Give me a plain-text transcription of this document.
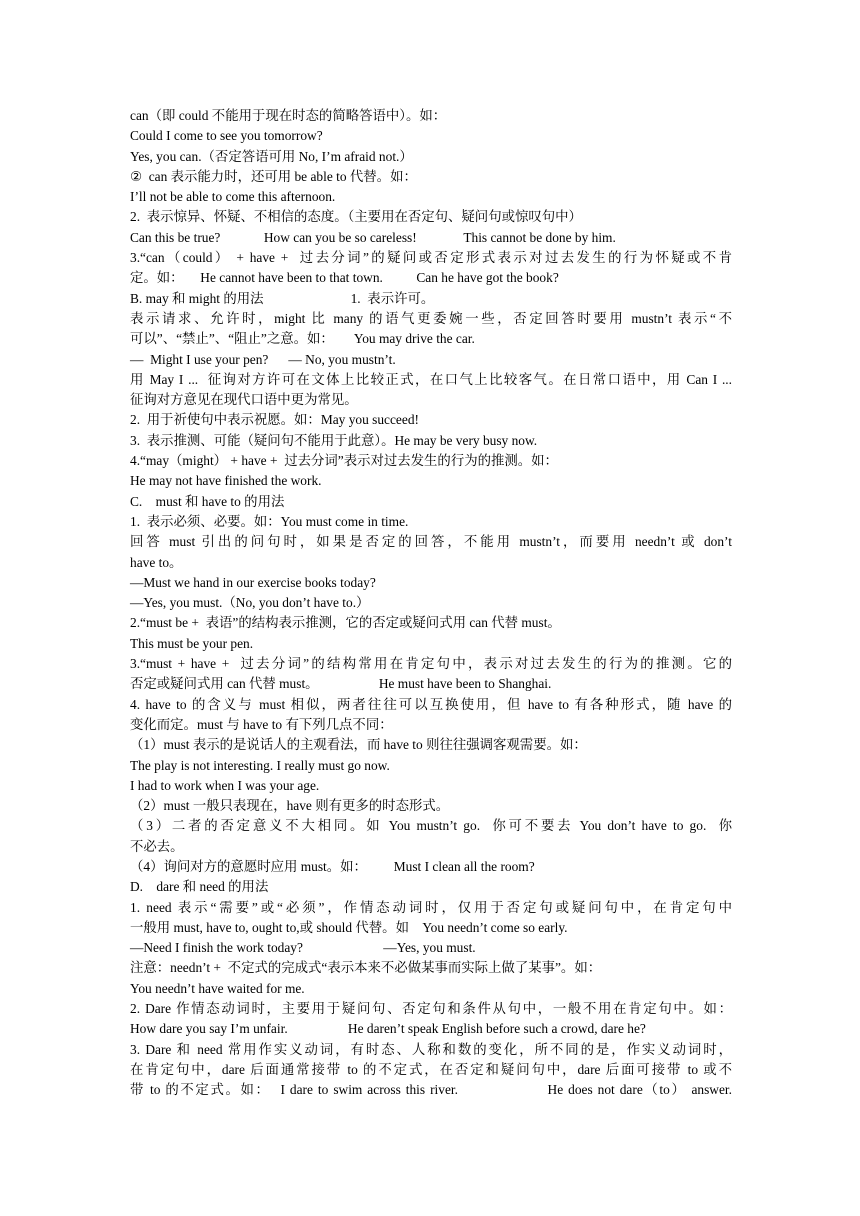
can（即 could 不能用于现在时态的简略答语中）。如：
Could I come to see you tomorrow?
Yes, you can.（否定答语可用 No, I’m afraid not.）
②  can 表示能力时，还可用 be able to 代替。如：
I’ll not be able to come this afternoon.
2.  表示惊异、怀疑、不相信的态度。（主要用在否定句、疑问句或惊叹句中）
Can this be true?             How can you be so careless!              This cannot be done by him.
3.“can（could） + have +  过去分词”的疑问或否定形式表示对过去发生的行为怀疑或不肯
定。如：     He cannot have been to that town.          Can he have got the book?
B. may 和 might 的用法                          1.  表示许可。
表示请求、允许时，might 比 many 的语气更委婉一些，否定回答时要用 mustn’t 表示“不
可以”、“禁止”、“阻止”之意。如：      You may drive the car.
—  Might I use your pen?      — No, you mustn’t.
用 May I ...  征询对方许可在文体上比较正式，在口气上比较客气。在日常口语中，用 Can I ...
征询对方意见在现代口语中更为常见。
2.  用于祈使句中表示祝愿。如：May you succeed!
3.  表示推测、可能（疑问句不能用于此意）。He may be very busy now.
4.“may（might） + have +  过去分词”表示对过去发生的行为的推测。如：
He may not have finished the work.
C.    must 和 have to 的用法
1.  表示必须、必要。如：You must come in time.
回答 must 引出的问句时，如果是否定的回答，不能用 mustn’t，而要用 needn’t 或 don’t
have to。
—Must we hand in our exercise books today?
—Yes, you must.（No, you don’t have to.）
2.“must be +  表语”的结构表示推测，它的否定或疑问式用 can 代替 must。
This must be your pen.
3.“must + have +  过去分词”的结构常用在肯定句中，表示对过去发生的行为的推测。它的
否定或疑问式用 can 代替 must。                  He must have been to Shanghai.
4. have to 的含义与 must 相似，两者往往可以互换使用，但 have to 有各种形式，随 have 的
变化而定。must 与 have to 有下列几点不同：
（1）must 表示的是说话人的主观看法，而 have to 则往往强调客观需要。如：
The play is not interesting. I really must go now.
I had to work when I was your age.
（2）must 一般只表现在，have 则有更多的时态形式。
（3）二者的否定意义不大相同。如 You mustn’t go.  你可不要去 You don’t have to go.  你
不必去。
（4）询问对方的意愿时应用 must。如：        Must I clean all the room?
D.    dare 和 need 的用法
1. need 表示“需要”或“必须”，作情态动词时，仅用于否定句或疑问句中，在肯定句中
一般用 must, have to, ought to,或 should 代替。如    You needn’t come so early.
—Need I finish the work today?                        —Yes, you must.
注意：needn’t +  不定式的完成式“表示本来不必做某事而实际上做了某事”。如：
You needn’t have waited for me.
2. Dare 作情态动词时，主要用于疑问句、否定句和条件从句中，一般不用在肯定句中。如：
How dare you say I’m unfair.                  He daren’t speak English before such a crowd, dare he?
3. Dare 和 need 常用作实义动词，有时态、人称和数的变化，所不同的是，作实义动词时，
在肯定句中，dare 后面通常接带 to 的不定式，在否定和疑问句中，dare 后面可接带 to 或不
带 to 的不定式。如：  I dare to swim across this river.                  He does not dare（to） answer.
